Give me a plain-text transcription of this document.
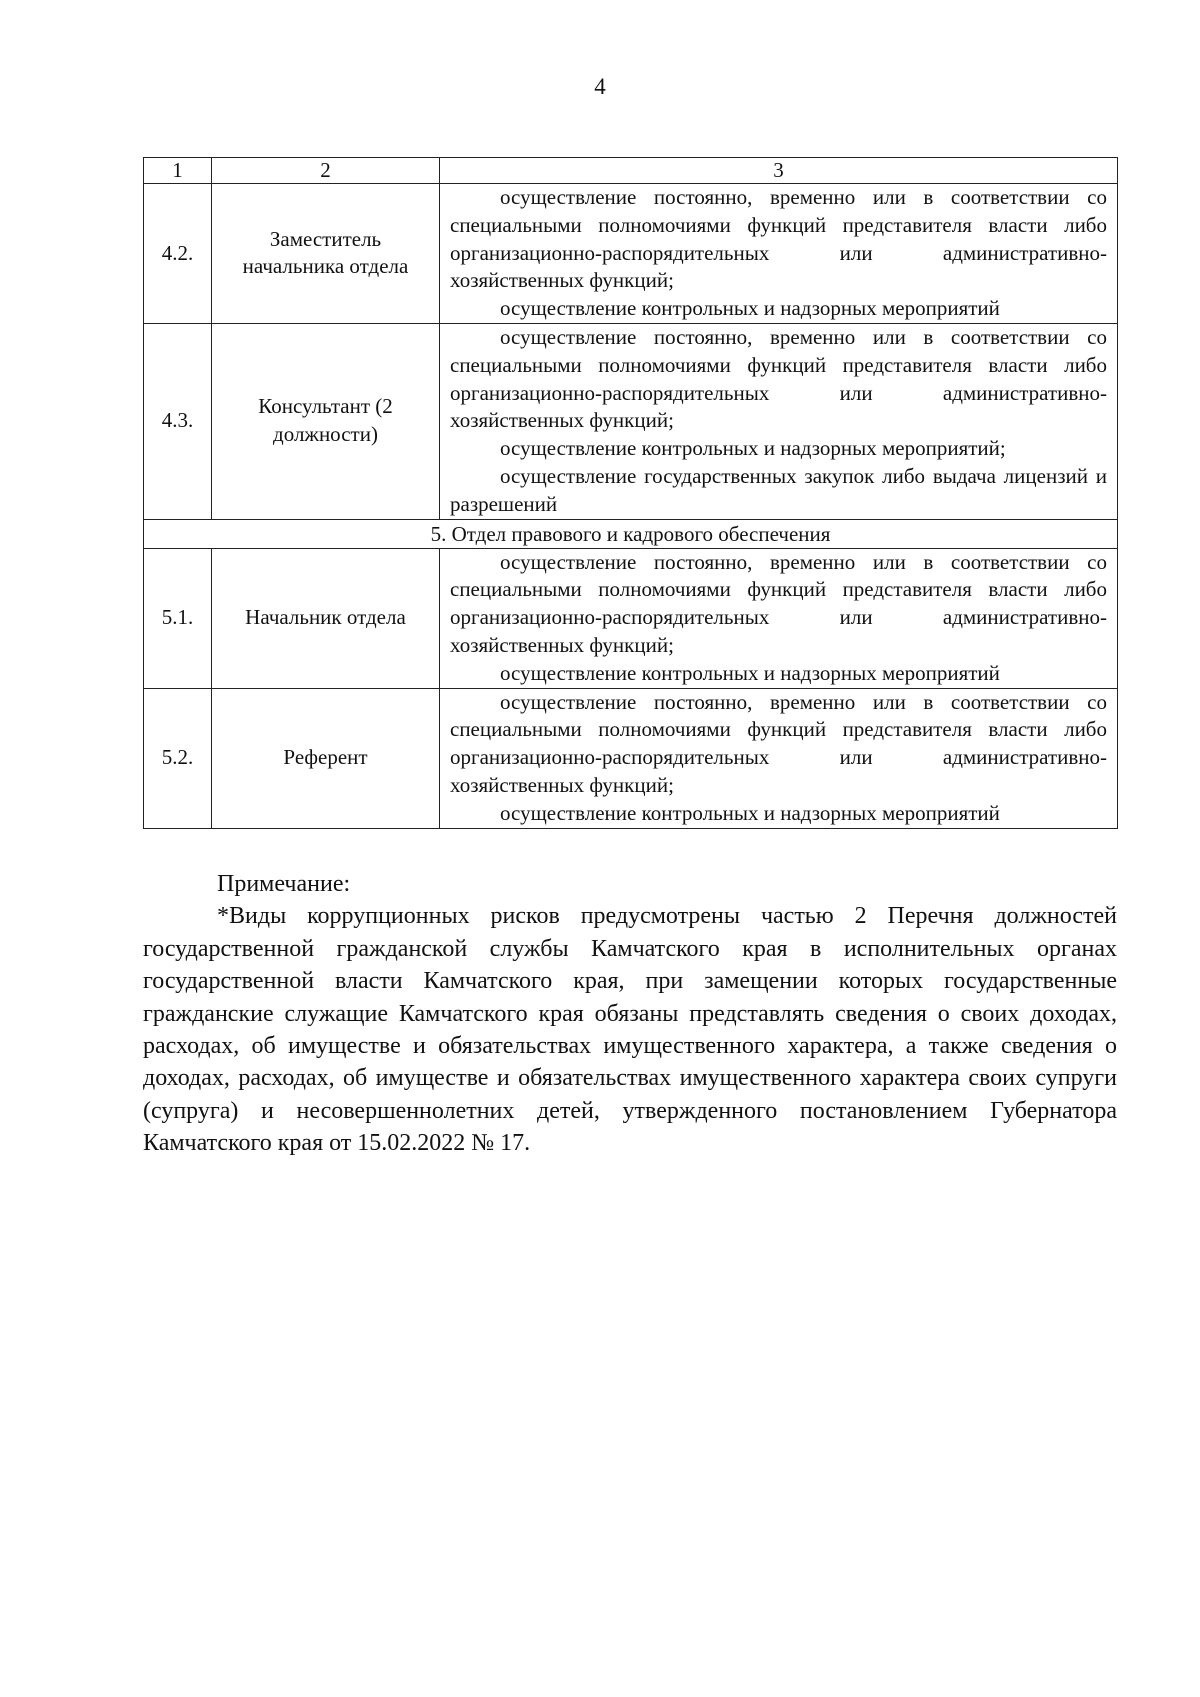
4
1	2	3
4.2.	Заместитель начальника отдела	осуществление постоянно, временно или в соответствии со специальными полномочиями функций представителя власти либо организационно-распорядительных или административно-хозяйственных функций;
осуществление контрольных и надзорных мероприятий

4.3.	Консультант (2 должности)	осуществление постоянно, временно или в соответствии со специальными полномочиями функций представителя власти либо организационно-распорядительных или административно-хозяйственных функций;
осуществление контрольных и надзорных мероприятий;
осуществление государственных закупок либо выдача лицензий и разрешений

5. Отдел правового и кадрового обеспечения		
5.1.	Начальник отдела	осуществление постоянно, временно или в соответствии со специальными полномочиями функций представителя власти либо организационно-распорядительных или административно-хозяйственных функций;
осуществление контрольных и надзорных мероприятий

5.2.	Референт	осуществление постоянно, временно или в соответствии со специальными полномочиями функций представителя власти либо организационно-распорядительных или административно-хозяйственных функций;
осуществление контрольных и надзорных мероприятий
Примечание:
*Виды коррупционных рисков предусмотрены частью 2 Перечня должностей государственной гражданской службы Камчатского края в исполнительных органах государственной власти Камчатского края, при замещении которых государственные гражданские служащие Камчатского края обязаны представлять сведения о своих доходах, расходах, об имуществе и обязательствах имущественного характера, а также сведения о доходах, расходах, об имуществе и обязательствах имущественного характера своих супруги (супруга) и несовершеннолетних детей, утвержденного постановлением Губернатора Камчатского края от 15.02.2022 № 17.
